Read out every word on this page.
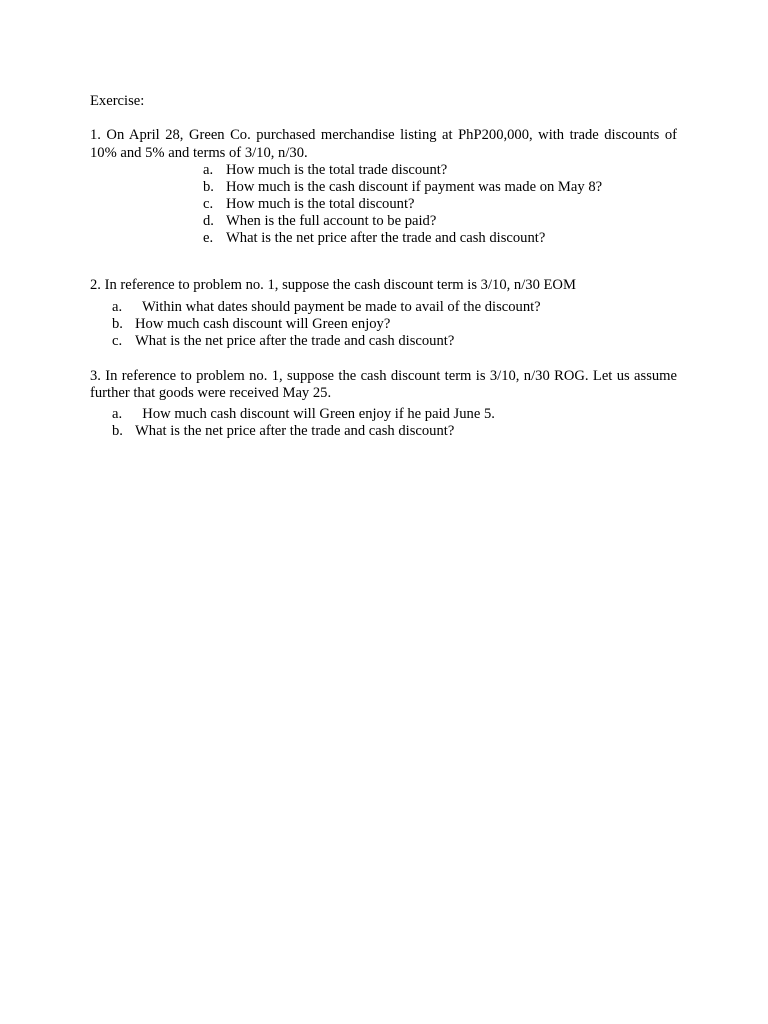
Exercise:

1. On April 28, Green Co. purchased merchandise listing at PhP200,000, with trade discounts of 10% and 5% and terms of 3/10, n/30.

a. How much is the total trade discount?
b. How much is the cash discount if payment was made on May 8?
c. How much is the total discount?
d. When is the full account to be paid?
e. What is the net price after the trade and cash discount?

2. In reference to problem no. 1, suppose the cash discount term is 3/10, n/30 EOM

a. Within what dates should payment be made to avail of the discount?
b. How much cash discount will Green enjoy?
c. What is the net price after the trade and cash discount?

3. In reference to problem no. 1, suppose the cash discount term is 3/10, n/30 ROG. Let us assume further that goods were received May 25.

a. How much cash discount will Green enjoy if he paid June 5.
b. What is the net price after the trade and cash discount?
